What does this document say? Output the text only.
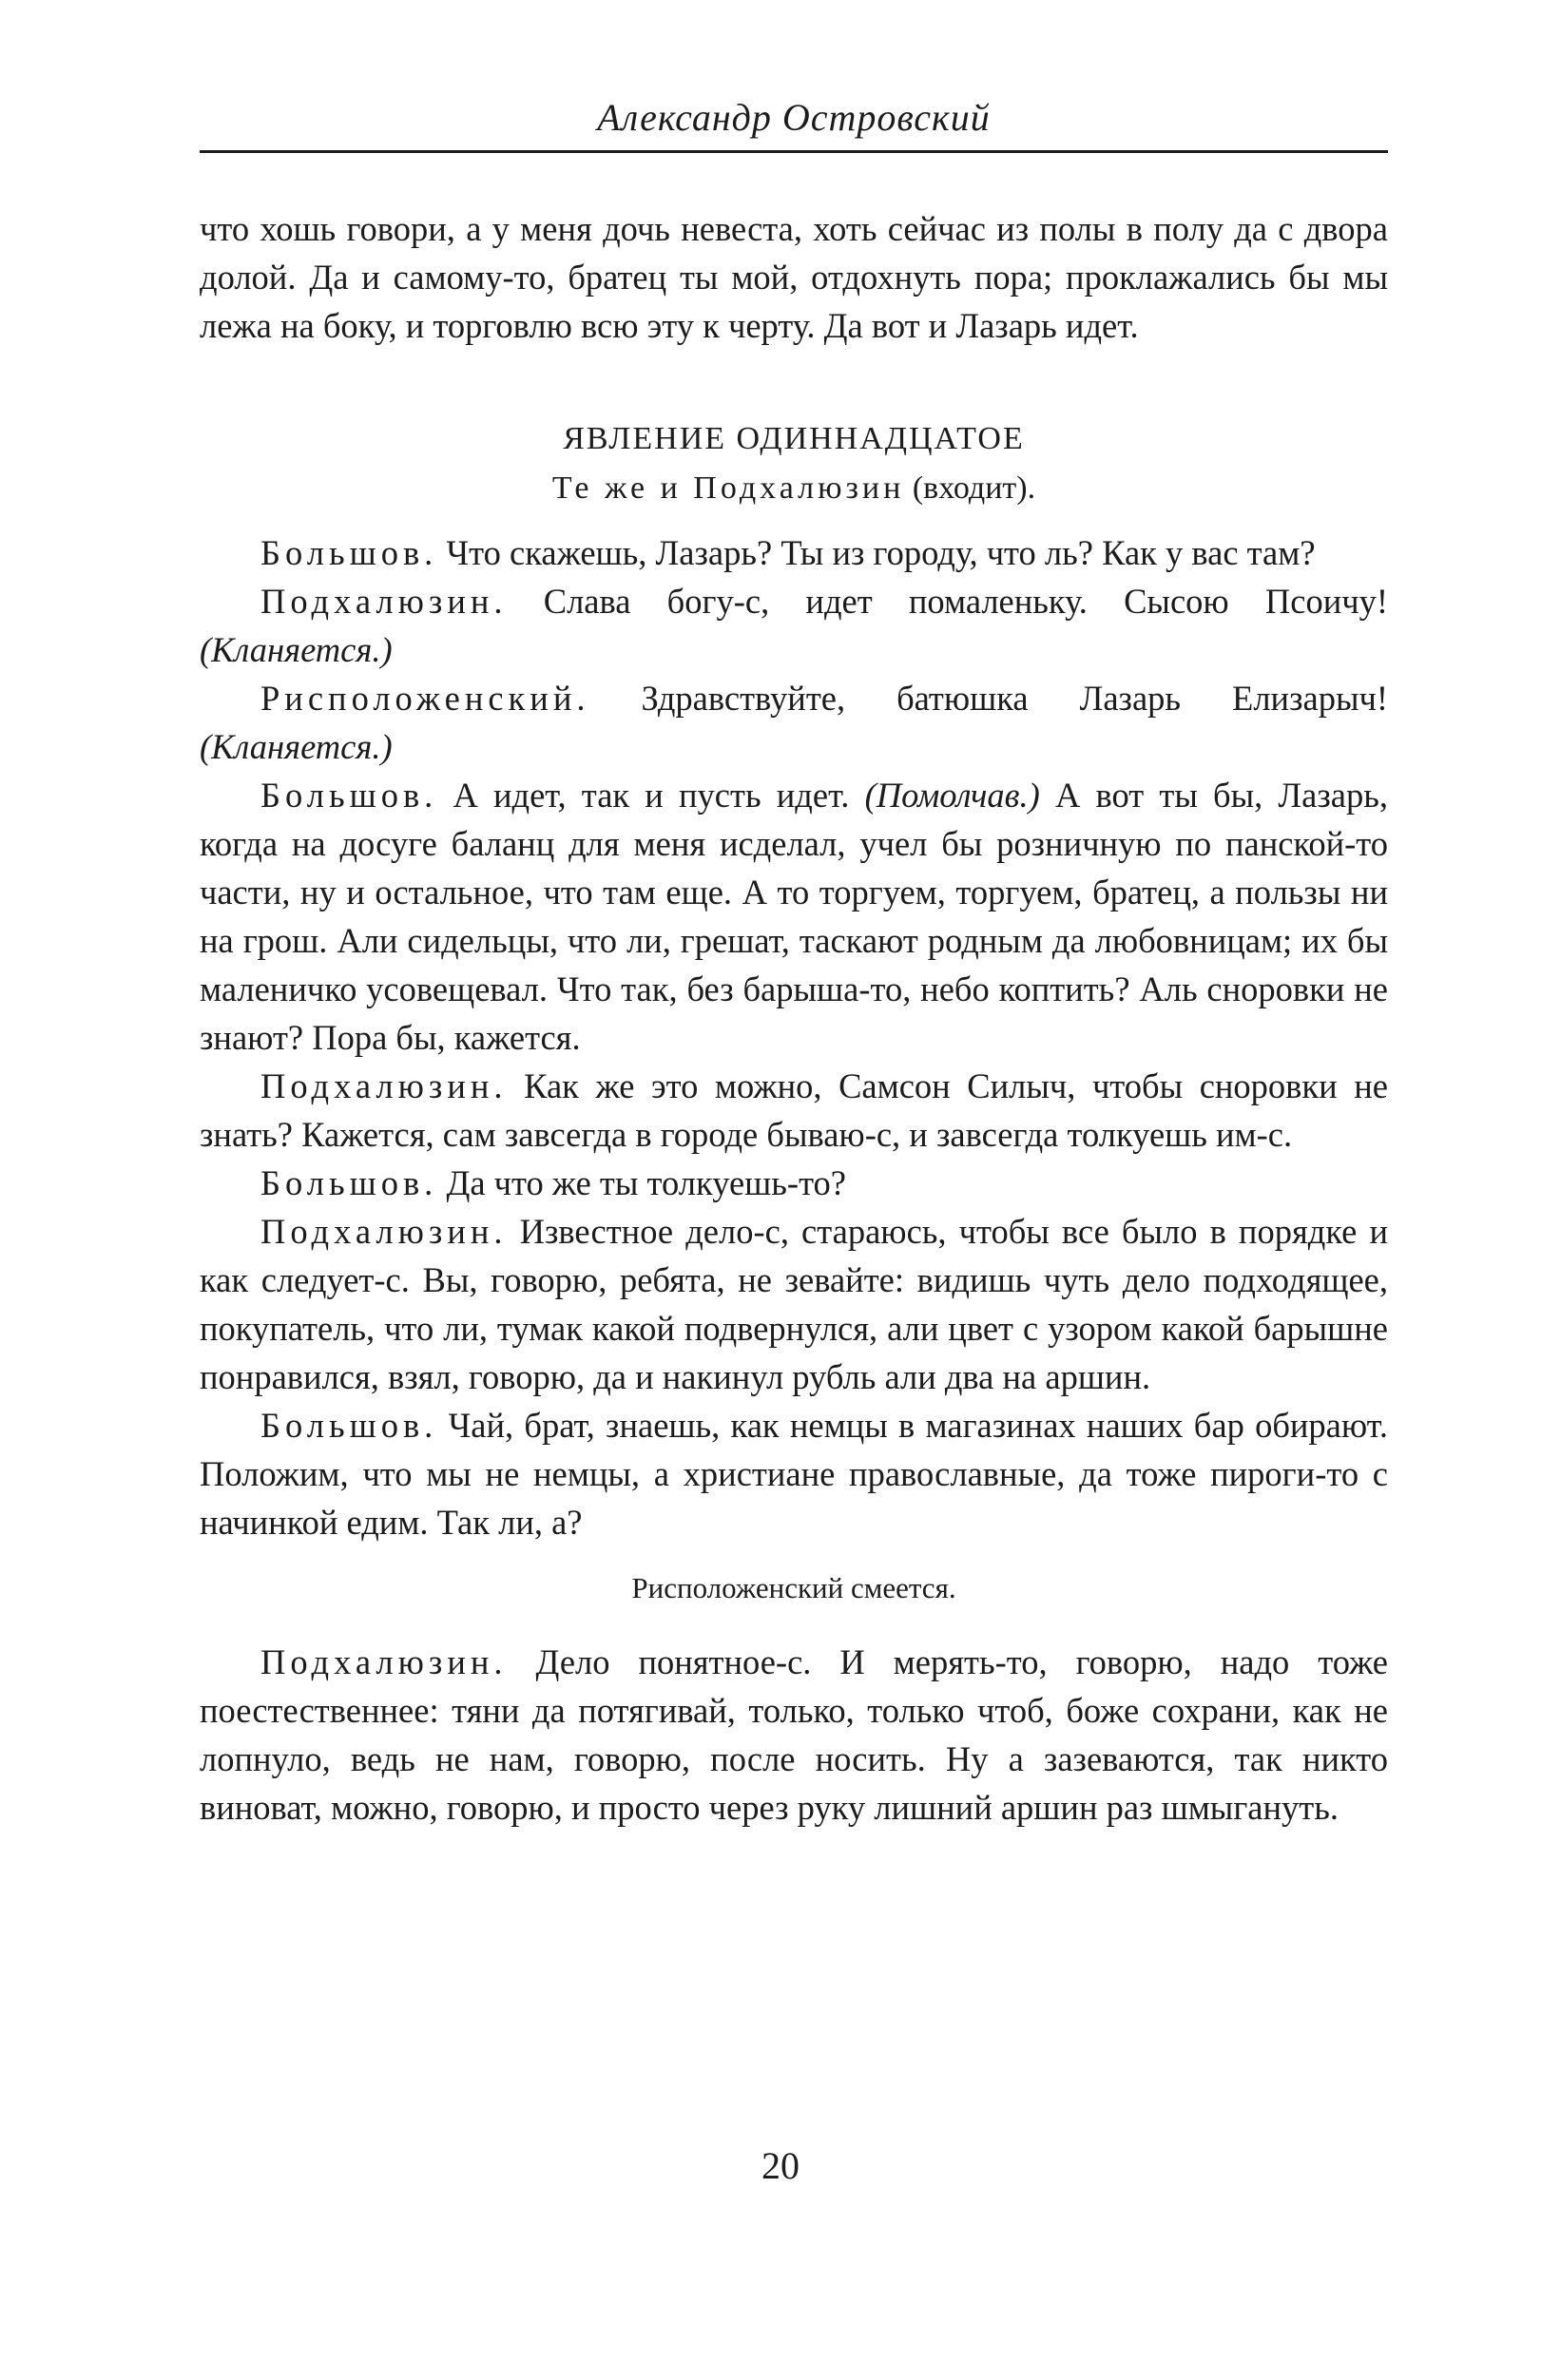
Александр Островский

что хошь говори, а у меня дочь невеста, хоть сейчас из полы в полу да с двора долой. Да и самому-то, братец ты мой, отдохнуть пора; проклажались бы мы лежа на боку, и торговлю всю эту к черту. Да вот и Лазарь идет.

ЯВЛЕНИЕ ОДИННАДЦАТОЕ
Те же и Подхалюзин (входит).

Большов. Что скажешь, Лазарь? Ты из городу, что ль? Как у вас там?

Подхалюзин. Слава богу-с, идет помаленьку. Сысою Псоичу! (Кланяется.)

Рисположенский. Здравствуйте, батюшка Лазарь Елизарыч! (Кланяется.)

Большов. А идет, так и пусть идет. (Помолчав.) А вот ты бы, Лазарь, когда на досуге баланц для меня исделал, учел бы розничную по панской-то части, ну и остальное, что там еще. А то торгуем, торгуем, братец, а пользы ни на грош. Али сидельцы, что ли, грешат, таскают родным да любовницам; их бы маленичко усовещевал. Что так, без барыша-то, небо коптить? Аль сноровки не знают? Пора бы, кажется.

Подхалюзин. Как же это можно, Самсон Силыч, чтобы сноровки не знать? Кажется, сам завсегда в городе бываю-с, и завсегда толкуешь им-с.

Большов. Да что же ты толкуешь-то?

Подхалюзин. Известное дело-с, стараюсь, чтобы все было в порядке и как следует-с. Вы, говорю, ребята, не зевайте: видишь чуть дело подходящее, покупатель, что ли, тумак какой подвернулся, али цвет с узором какой барышне понравился, взял, говорю, да и накинул рубль али два на аршин.

Большов. Чай, брат, знаешь, как немцы в магазинах наших бар обирают. Положим, что мы не немцы, а христиане православные, да тоже пироги-то с начинкой едим. Так ли, а?

Рисположенский смеется.

Подхалюзин. Дело понятное-с. И мерять-то, говорю, надо тоже поестественнее: тяни да потягивай, только, только чтоб, боже сохрани, как не лопнуло, ведь не нам, говорю, после носить. Ну а зазеваются, так никто виноват, можно, говорю, и просто через руку лишний аршин раз шмыгануть.

20
